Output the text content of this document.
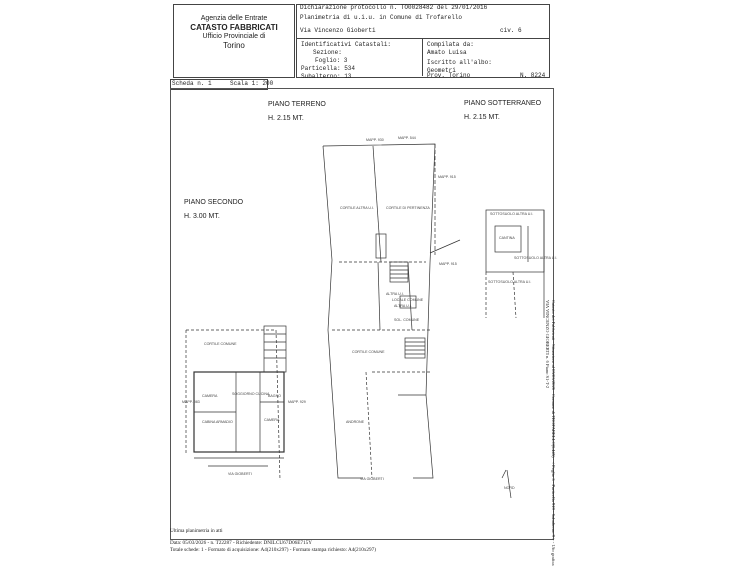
Agenzia delle Entrate
CATASTO FABBRICATI
Ufficio Provinciale di
Torino
Dichiarazione protocollo n. TO0028482 del 29/01/2016
Planimetria di u.i.u. in Comune di Trofarello
Via Vincenzo Gioberti	civ. 6
Identificativi Catastali:
Sezione:
Foglio: 3
Particella: 534
Subalterno: 13
Compilata da:
Amato Luisa
Iscritto all'albo:
Geometri
Prov. Torino	N. 8224
Scheda n. 1	Scala 1: 200
PIANO TERRENO
H. 2.15 MT.
PIANO SOTTERRANEO
H. 2.15 MT.
PIANO SECONDO
H. 3.00 MT.
MAPP. 930	MAPP. 544
MAPP. 915
MAPP. 915
CORTILE ALTRA U.I.	CORTILE DI PERTINENZA
ALTRA U.I.
ALTRA U.I.
LOCALE COMUNE
SOL. COMUNE
CORTILE COMUNE
ANDRONE
VIA GIOBERTI
NORD
SOTTOSUOLO ALTRA U.I.
CANTINA
SOTTOSUOLO ALTRA U.I.
SOTTOSUOLO ALTRA U.I.
CORTILE COMUNE
CAMERA	SOGGIORNO CUCINA
BAGNO
CAMERA
CABINA ARMADIO
MAPP. 983	MAPP. 929
VIA GIOBERTI
Ultima planimetria in atti
Data: 05/03/2026 - n. T22287 - Richiedente: DNILCU67D06E715Y
Totale schede: 1 - Formato di acquisizione: A4(210x297) - Formato stampa richiesto: A4(210x297)	Catasto dei Fabbricati - Situazione al 05/03/2026 - Comune di TROFARELLO(L445) - < Foglio 3 - Particella 919 - Subalterno 9 > - Ufo grafica
VIA VINCENZO GIOBERTI n. 6 Piano S1-T-2
